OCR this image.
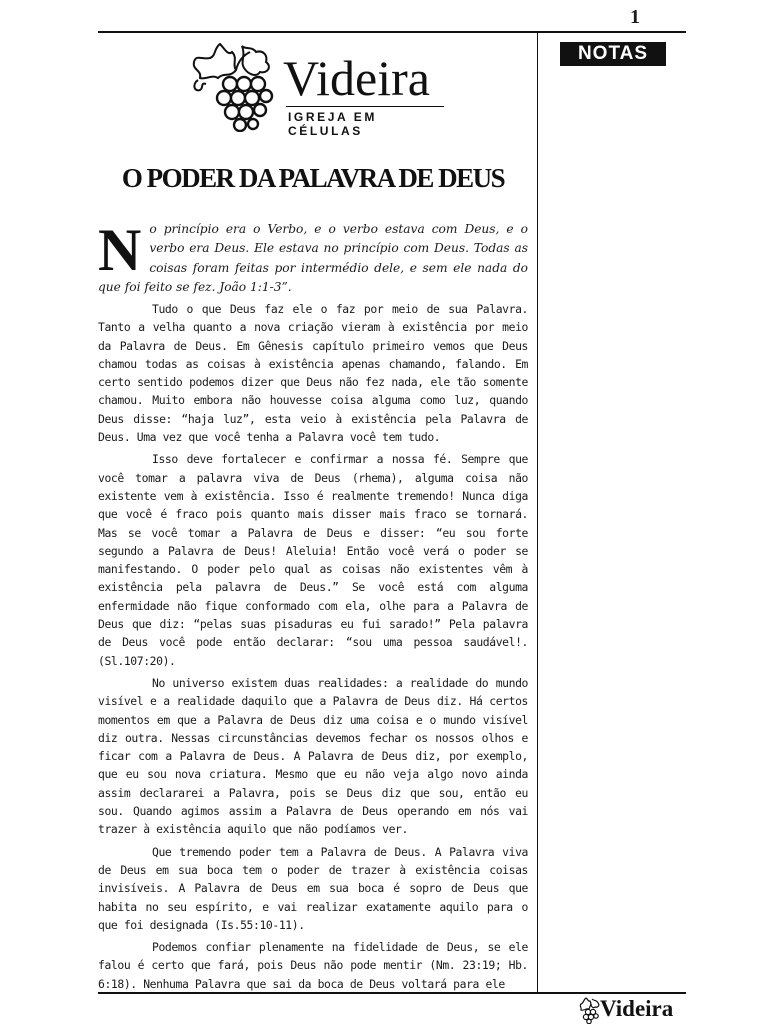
1
NOTAS
Videira
IGREJA EM CÉLULAS
O PODER DA PALAVRA DE DEUS

No princípio era o Verbo, e o verbo estava com Deus, e o verbo era Deus. Ele estava no princípio com Deus. Todas as coisas foram feitas por intermédio dele, e sem ele nada do que foi feito se fez. João 1:1-3”.

Tudo o que Deus faz ele o faz por meio de sua Palavra. Tanto a velha quanto a nova criação vieram à existência por meio da Palavra de Deus. Em Gênesis capítulo primeiro vemos que Deus chamou todas as coisas à existência apenas chamando, falando. Em certo sentido podemos dizer que Deus não fez nada, ele tão somente chamou. Muito embora não houvesse coisa alguma como luz, quando Deus disse: “haja luz”, esta veio à existência pela Palavra de Deus. Uma vez que você tenha a Palavra você tem tudo.

Isso deve fortalecer e confirmar a nossa fé. Sempre que você tomar a palavra viva de Deus (rhema), alguma coisa não existente vem à existência. Isso é realmente tremendo! Nunca diga que você é fraco pois quanto mais disser mais fraco se tornará. Mas se você tomar a Palavra de Deus e disser: “eu sou forte segundo a Palavra de Deus! Aleluia! Então você verá o poder se manifestando. O poder pelo qual as coisas não existentes vêm à existência pela palavra de Deus.” Se você está com alguma enfermidade não fique conformado com ela, olhe para a Palavra de Deus que diz: “pelas suas pisaduras eu fui sarado!” Pela palavra de Deus você pode então declarar: “sou uma pessoa saudável!. (Sl.107:20).

No universo existem duas realidades: a realidade do mundo visível e a realidade daquilo que a Palavra de Deus diz. Há certos momentos em que a Palavra de Deus diz uma coisa e o mundo visível diz outra. Nessas circunstâncias devemos fechar os nossos olhos e ficar com a Palavra de Deus. A Palavra de Deus diz, por exemplo, que eu sou nova criatura. Mesmo que eu não veja algo novo ainda assim declararei a Palavra, pois se Deus diz que sou, então eu sou. Quando agimos assim a Palavra de Deus operando em nós vai trazer à existência aquilo que não podíamos ver.

Que tremendo poder tem a Palavra de Deus. A Palavra viva de Deus em sua boca tem o poder de trazer à existência coisas invisíveis. A Palavra de Deus em sua boca é sopro de Deus que habita no seu espírito, e vai realizar exatamente aquilo para o que foi designada (Is.55:10-11).

Podemos confiar plenamente na fidelidade de Deus, se ele falou é certo que fará, pois Deus não pode mentir (Nm. 23:19; Hb. 6:18). Nenhuma Palavra que sai da boca de Deus voltará para ele

Videira
